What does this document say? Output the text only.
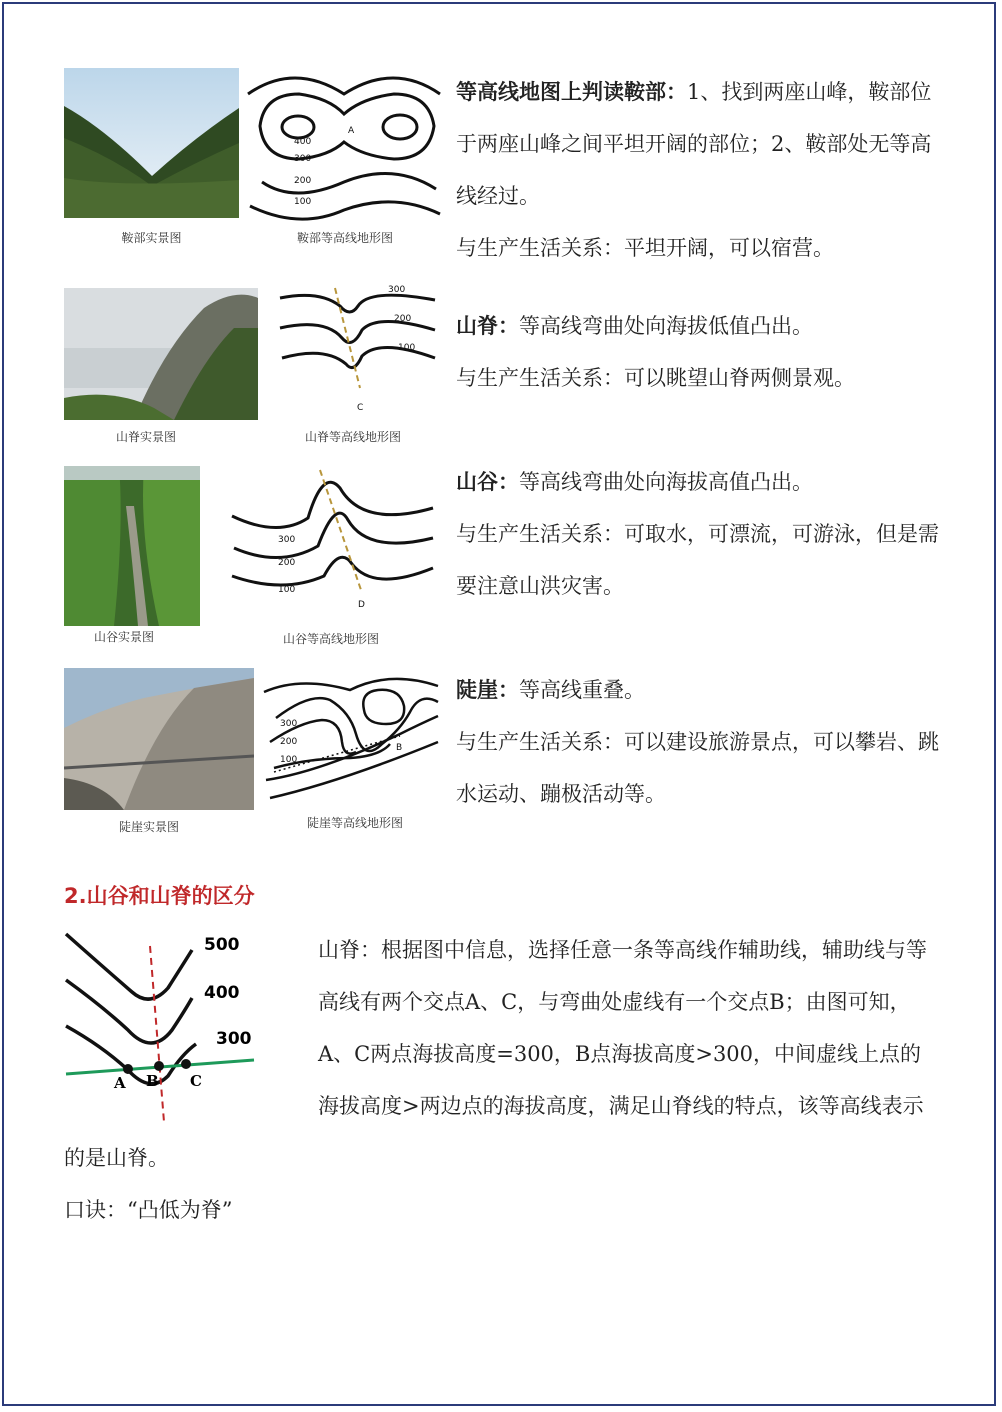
鞍部实景图
A
400
300
200
100
鞍部等高线地形图

等高线地图上判读鞍部：1、找到两座山峰，鞍部位于两座山峰之间平坦开阔的部位；2、鞍部处无等高线经过。

与生产生活关系：平坦开阔，可以宿营。

山脊实景图
300
200
100
C
山脊等高线地形图

山脊：等高线弯曲处向海拔低值凸出。

与生产生活关系：可以眺望山脊两侧景观。

山谷实景图
300
200
100
D
山谷等高线地形图

山谷：等高线弯曲处向海拔高值凸出。

与生产生活关系：可取水，可漂流，可游泳，但是需要注意山洪灾害。

陡崖实景图
300
200
100
B
陡崖等高线地形图

陡崖：等高线重叠。

与生产生活关系：可以建设旅游景点，可以攀岩、跳水运动、蹦极活动等。

2.山谷和山脊的区分
500
400
300
A B C

山脊：根据图中信息，选择任意一条等高线作辅助线，辅助线与等高线有两个交点A、C，与弯曲处虚线有一个交点B；由图可知，A、C两点海拔高度=300，B点海拔高度>300，中间虚线上点的海拔高度>两边点的海拔高度，满足山脊线的特点，该等高线表示的是山脊。

口诀：“凸低为脊”
